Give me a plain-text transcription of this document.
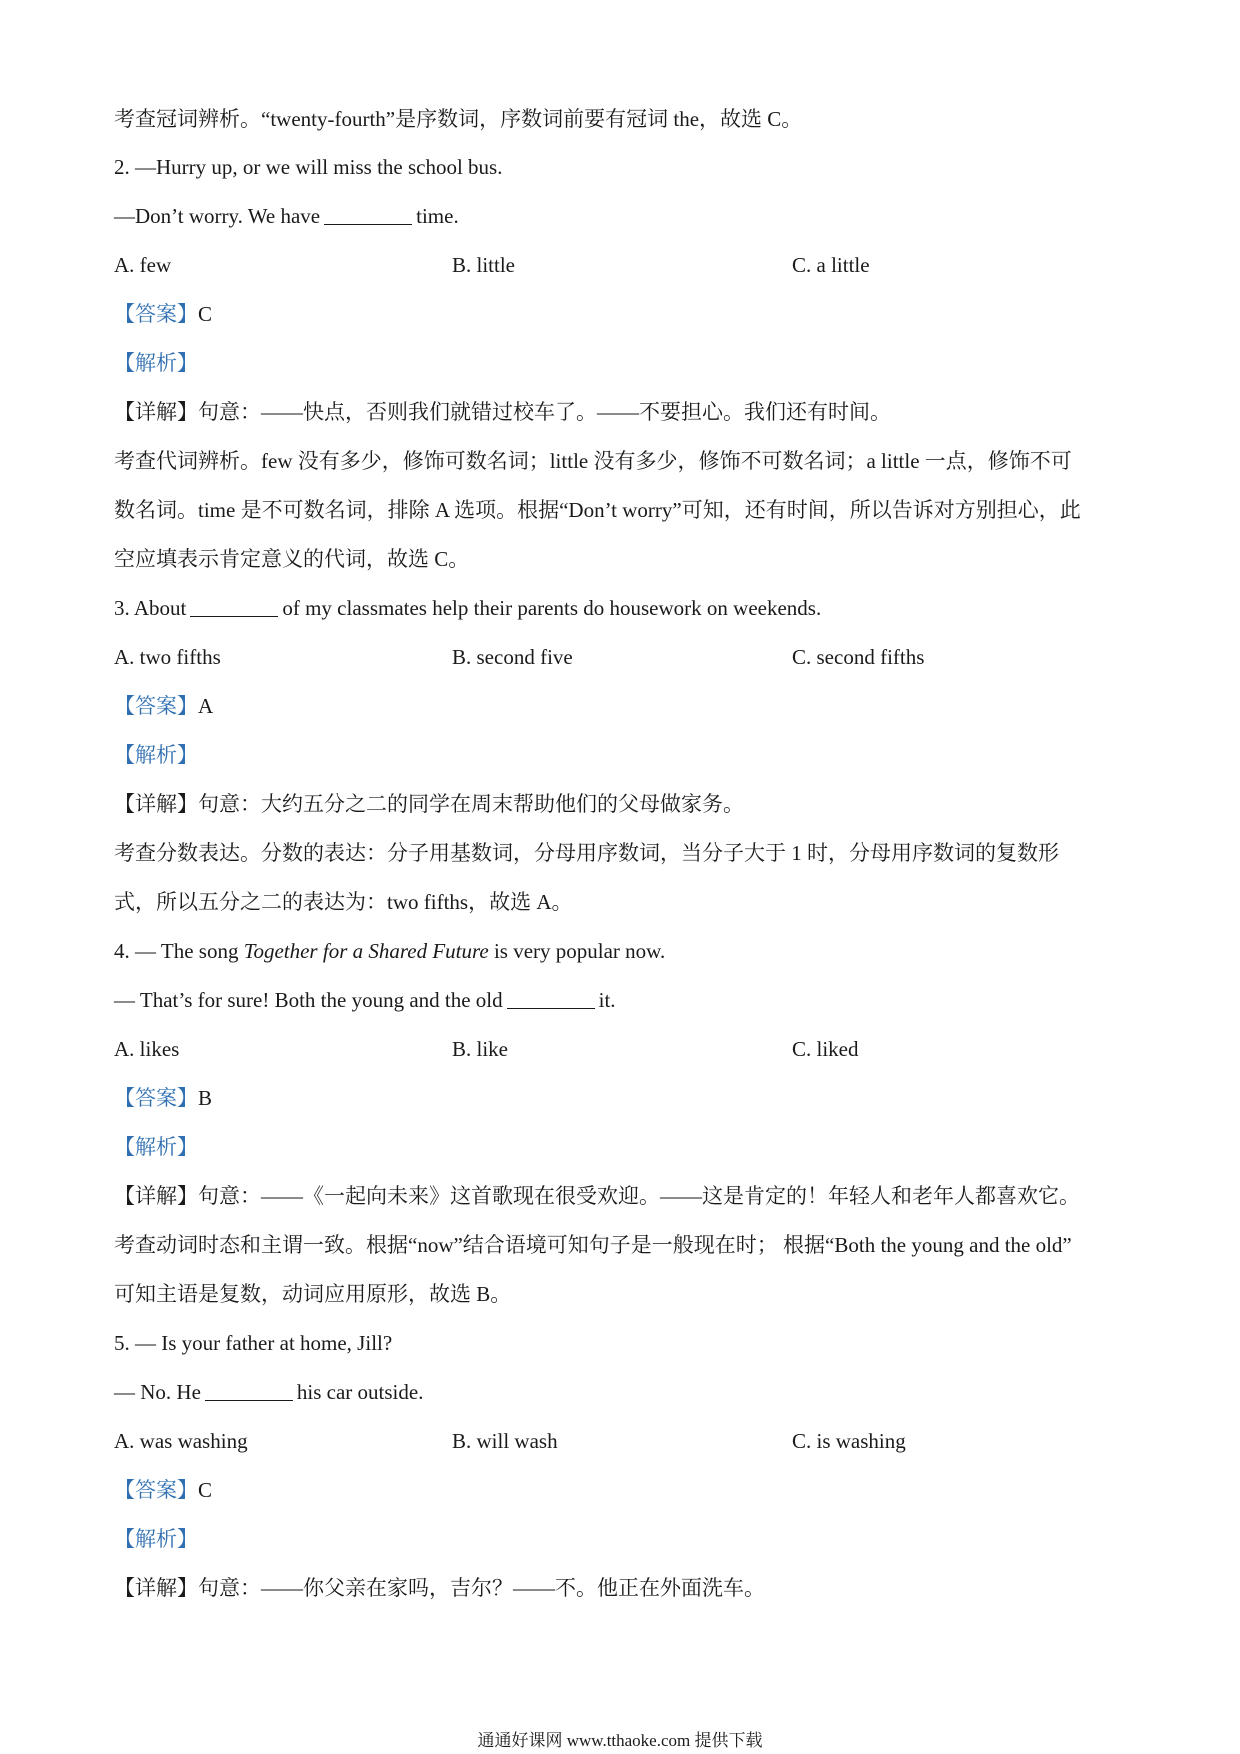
考查冠词辨析。“twenty-fourth”是序数词，序数词前要有冠词 the，故选 C。
2. —Hurry up, or we will miss the school bus.
—Don’t worry. We have	time.
A. few	B. little	C. a little
【答案】C
【解析】
【详解】句意：——快点，否则我们就错过校车了。——不要担心。我们还有时间。
考查代词辨析。few 没有多少，修饰可数名词；little 没有多少，修饰不可数名词；a little 一点，修饰不可
数名词。time 是不可数名词，排除 A 选项。根据“Don’t worry”可知，还有时间，所以告诉对方别担心，此
空应填表示肯定意义的代词，故选 C。
3. About	of my classmates help their parents do housework on weekends.
A. two fifths	B. second five	C. second fifths
【答案】A
【解析】
【详解】句意：大约五分之二的同学在周末帮助他们的父母做家务。
考查分数表达。分数的表达：分子用基数词，分母用序数词，当分子大于 1 时，分母用序数词的复数形
式，所以五分之二的表达为：two fifths，故选 A。
4. — The song Together for a Shared Future is very popular now.
— That’s for sure! Both the young and the old	it.
A. likes	B. like	C. liked
【答案】B
【解析】
【详解】句意：——《一起向未来》这首歌现在很受欢迎。——这是肯定的！年轻人和老年人都喜欢它。
考查动词时态和主谓一致。根据“now”结合语境可知句子是一般现在时； 根据“Both the young and the old”
可知主语是复数，动词应用原形，故选 B。
5. — Is your father at home, Jill?
— No. He	his car outside.
A. was washing	B. will wash	C. is washing
【答案】C
【解析】
【详解】句意：——你父亲在家吗，吉尔？——不。他正在外面洗车。
通通好课网 www.tthaoke.com 提供下载
